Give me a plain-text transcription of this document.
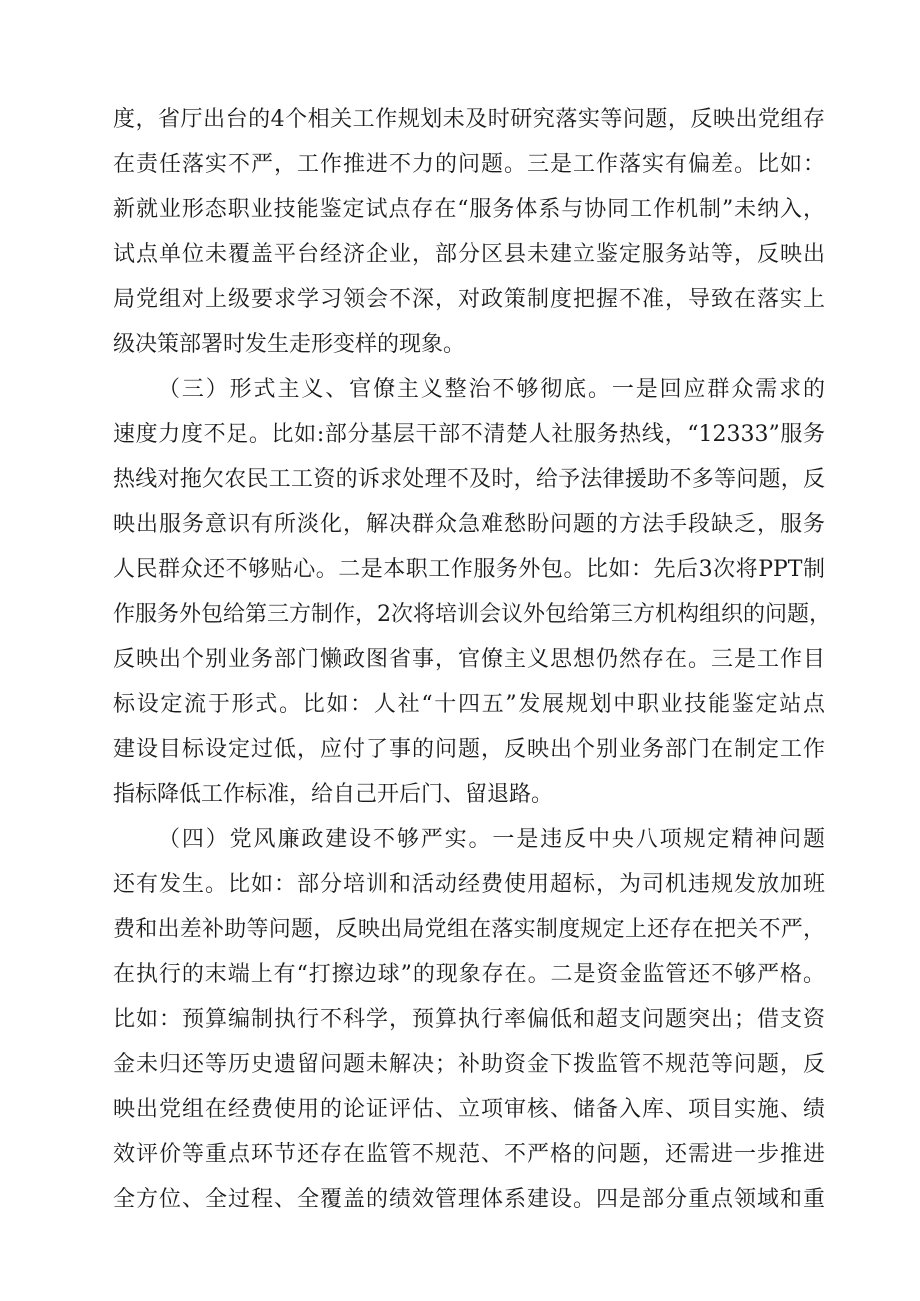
度，省厅出台的4个相关工作规划未及时研究落实等问题，反映出党组存
在责任落实不严，工作推进不力的问题。三是工作落实有偏差。比如：
新就业形态职业技能鉴定试点存在“服务体系与协同工作机制”未纳入，
试点单位未覆盖平台经济企业，部分区县未建立鉴定服务站等，反映出
局党组对上级要求学习领会不深，对政策制度把握不准，导致在落实上
级决策部署时发生走形变样的现象。
（三）形式主义、官僚主义整治不够彻底。一是回应群众需求的
速度力度不足。比如:部分基层干部不清楚人社服务热线，“12333”服务
热线对拖欠农民工工资的诉求处理不及时，给予法律援助不多等问题，反
映出服务意识有所淡化，解决群众急难愁盼问题的方法手段缺乏，服务
人民群众还不够贴心。二是本职工作服务外包。比如：先后3次将PPT制
作服务外包给第三方制作，2次将培训会议外包给第三方机构组织的问题，
反映出个别业务部门懒政图省事，官僚主义思想仍然存在。三是工作目
标设定流于形式。比如：人社“十四五”发展规划中职业技能鉴定站点
建设目标设定过低，应付了事的问题，反映出个别业务部门在制定工作
指标降低工作标准，给自己开后门、留退路。
（四）党风廉政建设不够严实。一是违反中央八项规定精神问题
还有发生。比如：部分培训和活动经费使用超标，为司机违规发放加班
费和出差补助等问题，反映出局党组在落实制度规定上还存在把关不严，
在执行的末端上有“打擦边球”的现象存在。二是资金监管还不够严格。
比如：预算编制执行不科学，预算执行率偏低和超支问题突出；借支资
金未归还等历史遗留问题未解决；补助资金下拨监管不规范等问题，反
映出党组在经费使用的论证评估、立项审核、储备入库、项目实施、绩
效评价等重点环节还存在监管不规范、不严格的问题，还需进一步推进
全方位、全过程、全覆盖的绩效管理体系建设。四是部分重点领域和重
